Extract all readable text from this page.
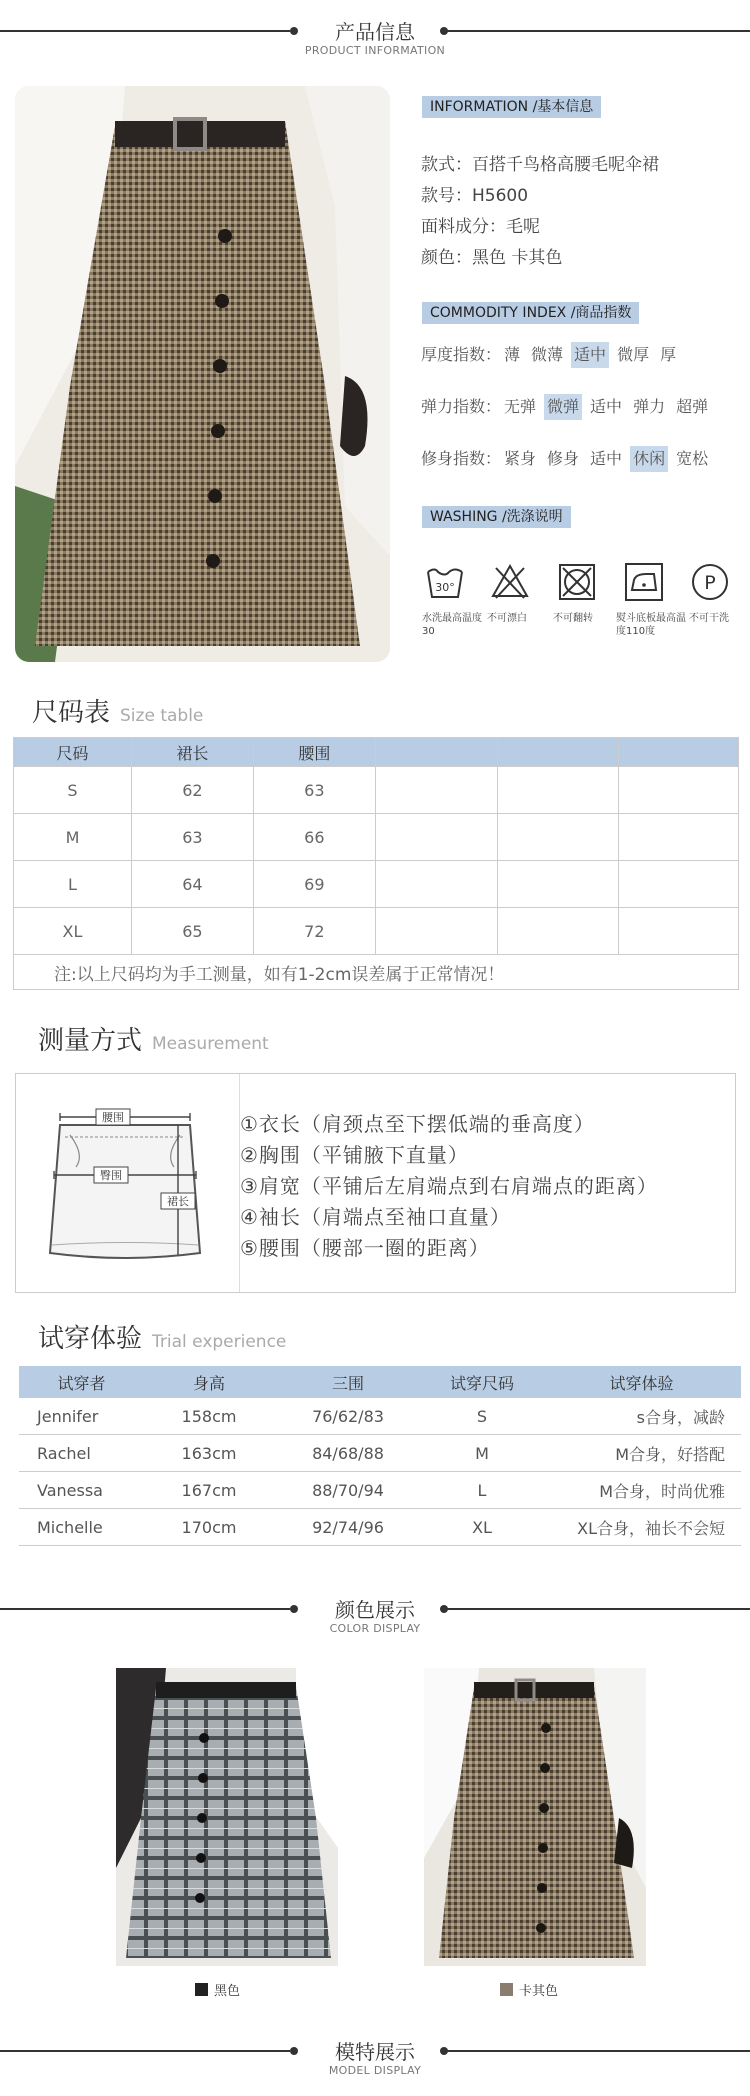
产品信息
PRODUCT INFORMATION
INFORMATION /基本信息
款式：百搭千鸟格高腰毛呢伞裙
款号：H5600
面料成分：毛呢
颜色：黑色 卡其色
COMMODITY INDEX /商品指数
厚度指数： 薄 微薄 适中 微厚 厚
弹力指数： 无弹 微弹 适中 弹力 超弹
修身指数： 紧身 修身 适中 休闲 宽松
WASHING /洗涤说明
30°	P
水洗最高温度30
不可漂白	不可翻转	熨斗底板最高温度110度
不可干洗
尺码表 Size table
尺码	裙长	腰围			
S	62	63			
M	63	66			
L	64	69			
XL	65	72			
注:以上尺码均为手工测量，如有1-2cm误差属于正常情况！					
测量方式 Measurement
腰围
臀围
裙长
①衣长（肩颈点至下摆低端的垂高度）
②胸围（平铺腋下直量）
③肩宽（平铺后左肩端点到右肩端点的距离）
④袖长（肩端点至袖口直量）
⑤腰围（腰部一圈的距离）
试穿体验 Trial experience
试穿者	身高	三围	试穿尺码	试穿体验
Jennifer	158cm	76/62/83	S	s合身，减龄
Rachel	163cm	84/68/88	M	M合身，好搭配
Vanessa	167cm	88/70/94	L	M合身，时尚优雅
Michelle	170cm	92/74/96	XL	XL合身，袖长不会短
颜色展示
COLOR DISPLAY
黑色	卡其色
模特展示
MODEL DISPLAY
